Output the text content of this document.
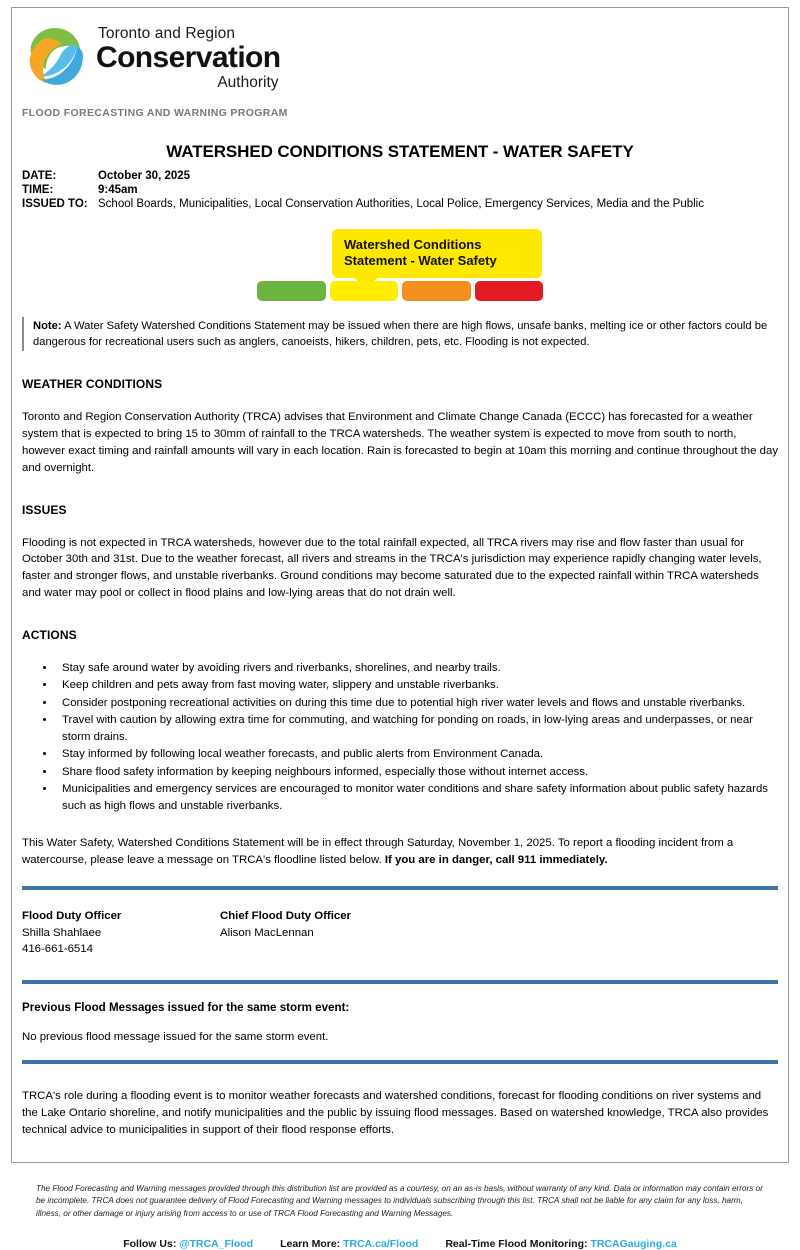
Toronto and Region
Conservation
Authority
FLOOD FORECASTING AND WARNING PROGRAM
WATERSHED CONDITIONS STATEMENT - WATER SAFETY
DATE:	October 30, 2025
TIME:	9:45am
ISSUED TO: School Boards, Municipalities, Local Conservation Authorities, Local Police, Emergency Services, Media and the Public
Watershed Conditions
Statement - Water Safety
Note: A Water Safety Watershed Conditions Statement may be issued when there are high flows, unsafe banks, melting ice or other factors could be dangerous for recreational users such as anglers, canoeists, hikers, children, pets, etc. Flooding is not expected.
WEATHER CONDITIONS

Toronto and Region Conservation Authority (TRCA) advises that Environment and Climate Change Canada (ECCC) has forecasted for a weather system that is expected to bring 15 to 30mm of rainfall to the TRCA watersheds. The weather system is expected to move from south to north, however exact timing and rainfall amounts will vary in each location. Rain is forecasted to begin at 10am this morning and continue throughout the day and overnight.

ISSUES

Flooding is not expected in TRCA watersheds, however due to the total rainfall expected, all TRCA rivers may rise and flow faster than usual for October 30th and 31st. Due to the weather forecast, all rivers and streams in the TRCA's jurisdiction may experience rapidly changing water levels, faster and stronger flows, and unstable riverbanks. Ground conditions may become saturated due to the expected rainfall within TRCA watersheds and water may pool or collect in flood plains and low-lying areas that do not drain well.

ACTIONS
• Stay safe around water by avoiding rivers and riverbanks, shorelines, and nearby trails.
• Keep children and pets away from fast moving water, slippery and unstable riverbanks.
• Consider postponing recreational activities on during this time due to potential high river water levels and flows and unstable riverbanks.
• Travel with caution by allowing extra time for commuting, and watching for ponding on roads, in low-lying areas and underpasses, or near storm drains.
• Stay informed by following local weather forecasts, and public alerts from Environment Canada.
• Share flood safety information by keeping neighbours informed, especially those without internet access.
• Municipalities and emergency services are encouraged to monitor water conditions and share safety information about public safety hazards such as high flows and unstable riverbanks.
This Water Safety, Watershed Conditions Statement will be in effect through Saturday, November 1, 2025. To report a flooding incident from a watercourse, please leave a message on TRCA's floodline listed below. If you are in danger, call 911 immediately.
Flood Duty Officer
Shilla Shahlaee
416-661-6514
Chief Flood Duty Officer
Alison MacLennan
Previous Flood Messages issued for the same storm event:
No previous flood message issued for the same storm event.
TRCA's role during a flooding event is to monitor weather forecasts and watershed conditions, forecast for flooding conditions on river systems and the Lake Ontario shoreline, and notify municipalities and the public by issuing flood messages. Based on watershed knowledge, TRCA also provides technical advice to municipalities in support of their flood response efforts.
The Flood Forecasting and Warning messages provided through this distribution list are provided as a courtesy, on an as-is basis, without warranty of any kind. Data or information may contain errors or be incomplete. TRCA does not guarantee delivery of Flood Forecasting and Warning messages to individuals subscribing through this list. TRCA shall not be liable for any claim for any loss, harm, illness, or other damage or injury arising from access to or use of TRCA Flood Forecasting and Warning Messages.
Follow Us: @TRCA_Flood	Learn More: TRCA.ca/Flood	Real-Time Flood Monitoring: TRCAGauging.ca
